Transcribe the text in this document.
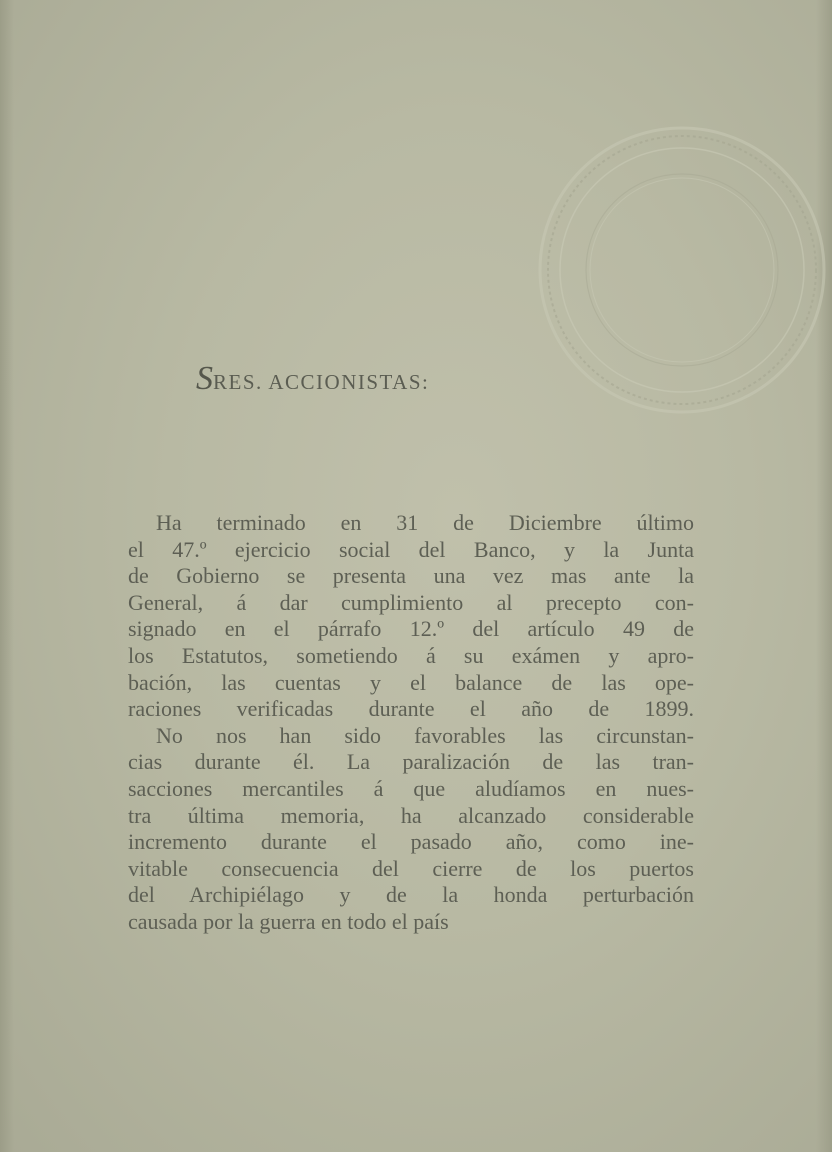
SRES. ACCIONISTAS:
Ha terminado en 31 de Diciembre último
el 47.º ejercicio social del Banco, y la Junta
de Gobierno se presenta una vez mas ante la
General, á dar cumplimiento al precepto con-
signado en el párrafo 12.º del artículo 49 de
los Estatutos, sometiendo á su exámen y apro-
bación, las cuentas y el balance de las ope-
raciones verificadas durante el año de 1899.
No nos han sido favorables las circunstan-
cias durante él. La paralización de las tran-
sacciones mercantiles á que aludíamos en nues-
tra última memoria, ha alcanzado considerable
incremento durante el pasado año, como ine-
vitable consecuencia del cierre de los puertos
del Archipiélago y de la honda perturbación
causada por la guerra en todo el país
